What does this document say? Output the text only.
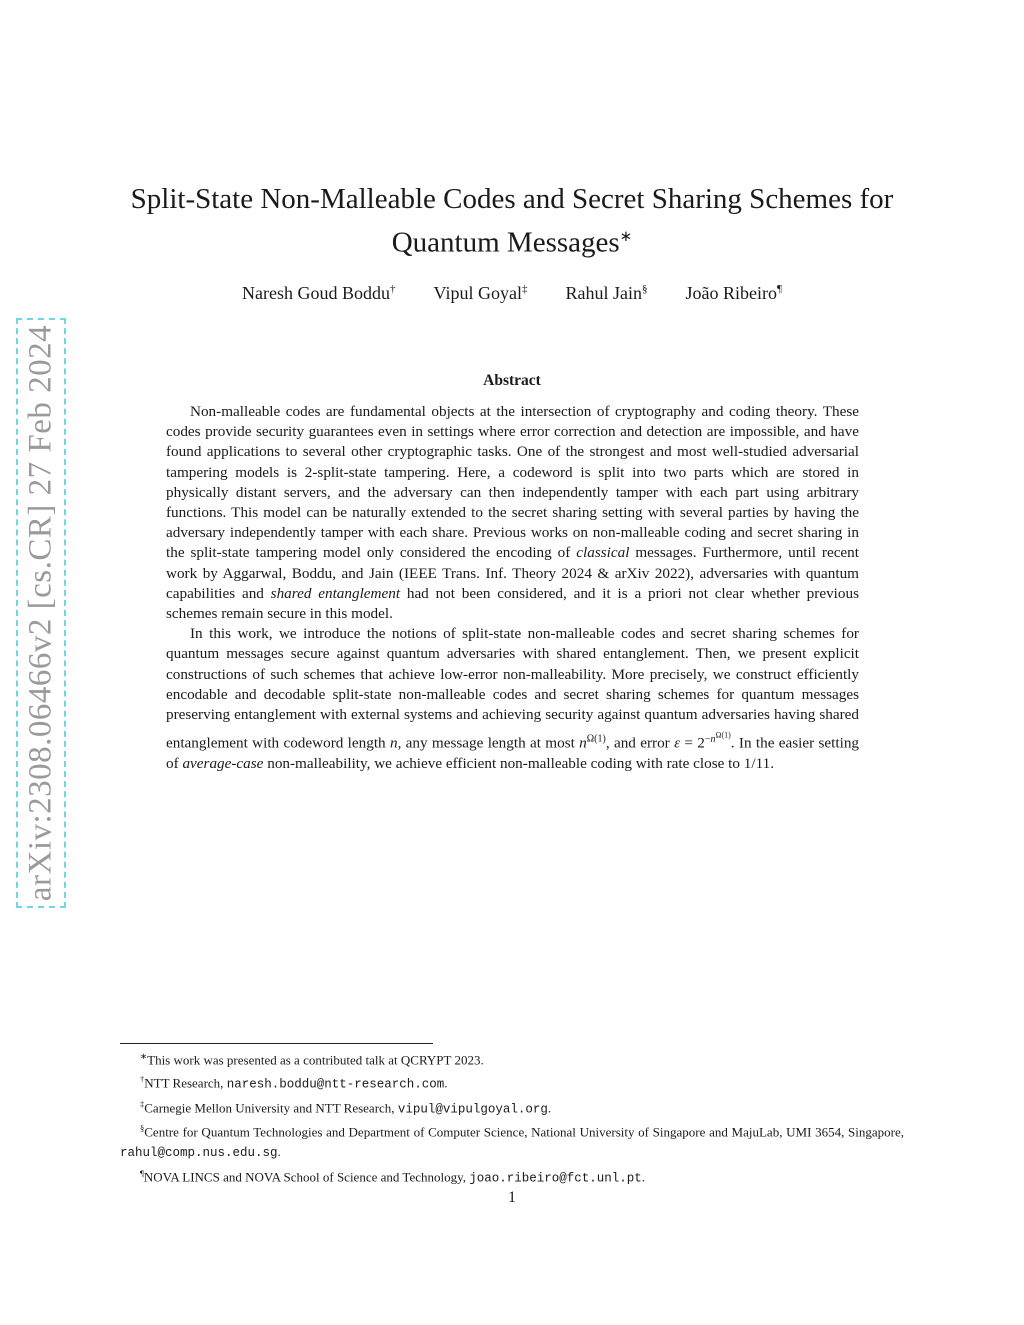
arXiv:2308.06466v2 [cs.CR] 27 Feb 2024
Split-State Non-Malleable Codes and Secret Sharing Schemes for
Quantum Messages∗
Naresh Goud Boddu† Vipul Goyal‡ Rahul Jain§ João Ribeiro¶
Abstract

Non-malleable codes are fundamental objects at the intersection of cryptography and coding theory. These codes provide security guarantees even in settings where error correction and detection are impossible, and have found applications to several other cryptographic tasks. One of the strongest and most well-studied adversarial tampering models is 2-split-state tampering. Here, a codeword is split into two parts which are stored in physically distant servers, and the adversary can then independently tamper with each part using arbitrary functions. This model can be naturally extended to the secret sharing setting with several parties by having the adversary independently tamper with each share. Previous works on non-malleable coding and secret sharing in the split-state tampering model only considered the encoding of classical messages. Furthermore, until recent work by Aggarwal, Boddu, and Jain (IEEE Trans. Inf. Theory 2024 & arXiv 2022), adversaries with quantum capabilities and shared entanglement had not been considered, and it is a priori not clear whether previous schemes remain secure in this model.

In this work, we introduce the notions of split-state non-malleable codes and secret sharing schemes for quantum messages secure against quantum adversaries with shared entanglement. Then, we present explicit constructions of such schemes that achieve low-error non-malleability. More precisely, we construct efficiently encodable and decodable split-state non-malleable codes and secret sharing schemes for quantum messages preserving entanglement with external systems and achieving security against quantum adversaries having shared entanglement with codeword length n, any message length at most $n^{\Omega(1)}$, and error $\varepsilon = 2^{-n^{\Omega(1)}}$. In the easier setting of average-case non-malleability, we achieve efficient non-malleable coding with rate close to 1/11.

∗This work was presented as a contributed talk at QCRYPT 2023.
†NTT Research, naresh.boddu@ntt-research.com.
‡Carnegie Mellon University and NTT Research, vipul@vipulgoyal.org.
§Centre for Quantum Technologies and Department of Computer Science, National University of Singapore and MajuLab, UMI 3654, Singapore, rahul@comp.nus.edu.sg.
¶NOVA LINCS and NOVA School of Science and Technology, joao.ribeiro@fct.unl.pt.
1
